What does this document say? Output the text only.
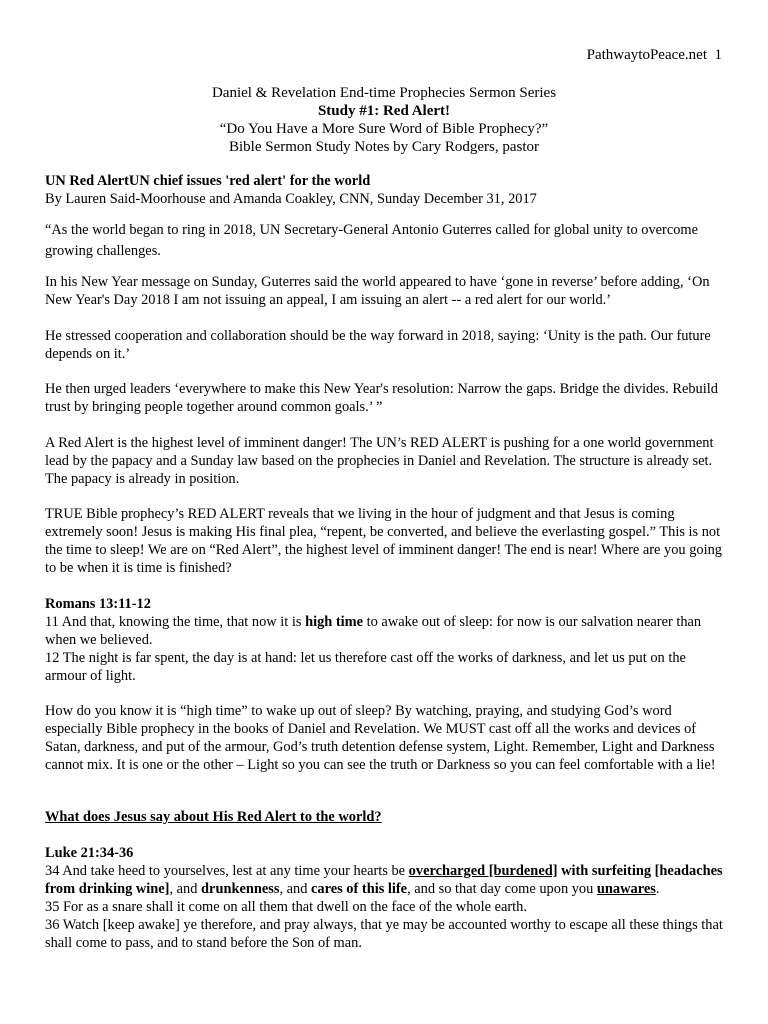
PathwaytoPeace.net 1
Daniel & Revelation End-time Prophecies Sermon Series
Study #1: Red Alert!
“Do You Have a More Sure Word of Bible Prophecy?”
Bible Sermon Study Notes by Cary Rodgers, pastor

UN Red AlertUN chief issues 'red alert' for the world

By Lauren Said-Moorhouse and Amanda Coakley, CNN, Sunday December 31, 2017

“As the world began to ring in 2018, UN Secretary-General Antonio Guterres called for global unity to overcome growing challenges.

In his New Year message on Sunday, Guterres said the world appeared to have ‘gone in reverse’ before adding, ‘On New Year's Day 2018 I am not issuing an appeal, I am issuing an alert -- a red alert for our world.’

He stressed cooperation and collaboration should be the way forward in 2018, saying: ‘Unity is the path. Our future depends on it.’

He then urged leaders ‘everywhere to make this New Year's resolution: Narrow the gaps. Bridge the divides. Rebuild trust by bringing people together around common goals.’ ”

A Red Alert is the highest level of imminent danger! The UN’s RED ALERT is pushing for a one world government lead by the papacy and a Sunday law based on the prophecies in Daniel and Revelation. The structure is already set. The papacy is already in position.

TRUE Bible prophecy’s RED ALERT reveals that we living in the hour of judgment and that Jesus is coming extremely soon! Jesus is making His final plea, “repent, be converted, and believe the everlasting gospel.” This is not the time to sleep! We are on “Red Alert”, the highest level of imminent danger! The end is near! Where are you going to be when it is time is finished?

Romans 13:11-12

11 And that, knowing the time, that now it is high time to awake out of sleep: for now is our salvation nearer than when we believed.

12 The night is far spent, the day is at hand: let us therefore cast off the works of darkness, and let us put on the armour of light.

How do you know it is “high time” to wake up out of sleep? By watching, praying, and studying God’s word especially Bible prophecy in the books of Daniel and Revelation. We MUST cast off all the works and devices of Satan, darkness, and put of the armour, God’s truth detention defense system, Light. Remember, Light and Darkness cannot mix. It is one or the other – Light so you can see the truth or Darkness so you can feel comfortable with a lie!

What does Jesus say about His Red Alert to the world?

Luke 21:34-36

34 And take heed to yourselves, lest at any time your hearts be overcharged [burdened] with surfeiting [headaches from drinking wine], and drunkenness, and cares of this life, and so that day come upon you unawares.

35 For as a snare shall it come on all them that dwell on the face of the whole earth.

36 Watch [keep awake] ye therefore, and pray always, that ye may be accounted worthy to escape all these things that shall come to pass, and to stand before the Son of man.
